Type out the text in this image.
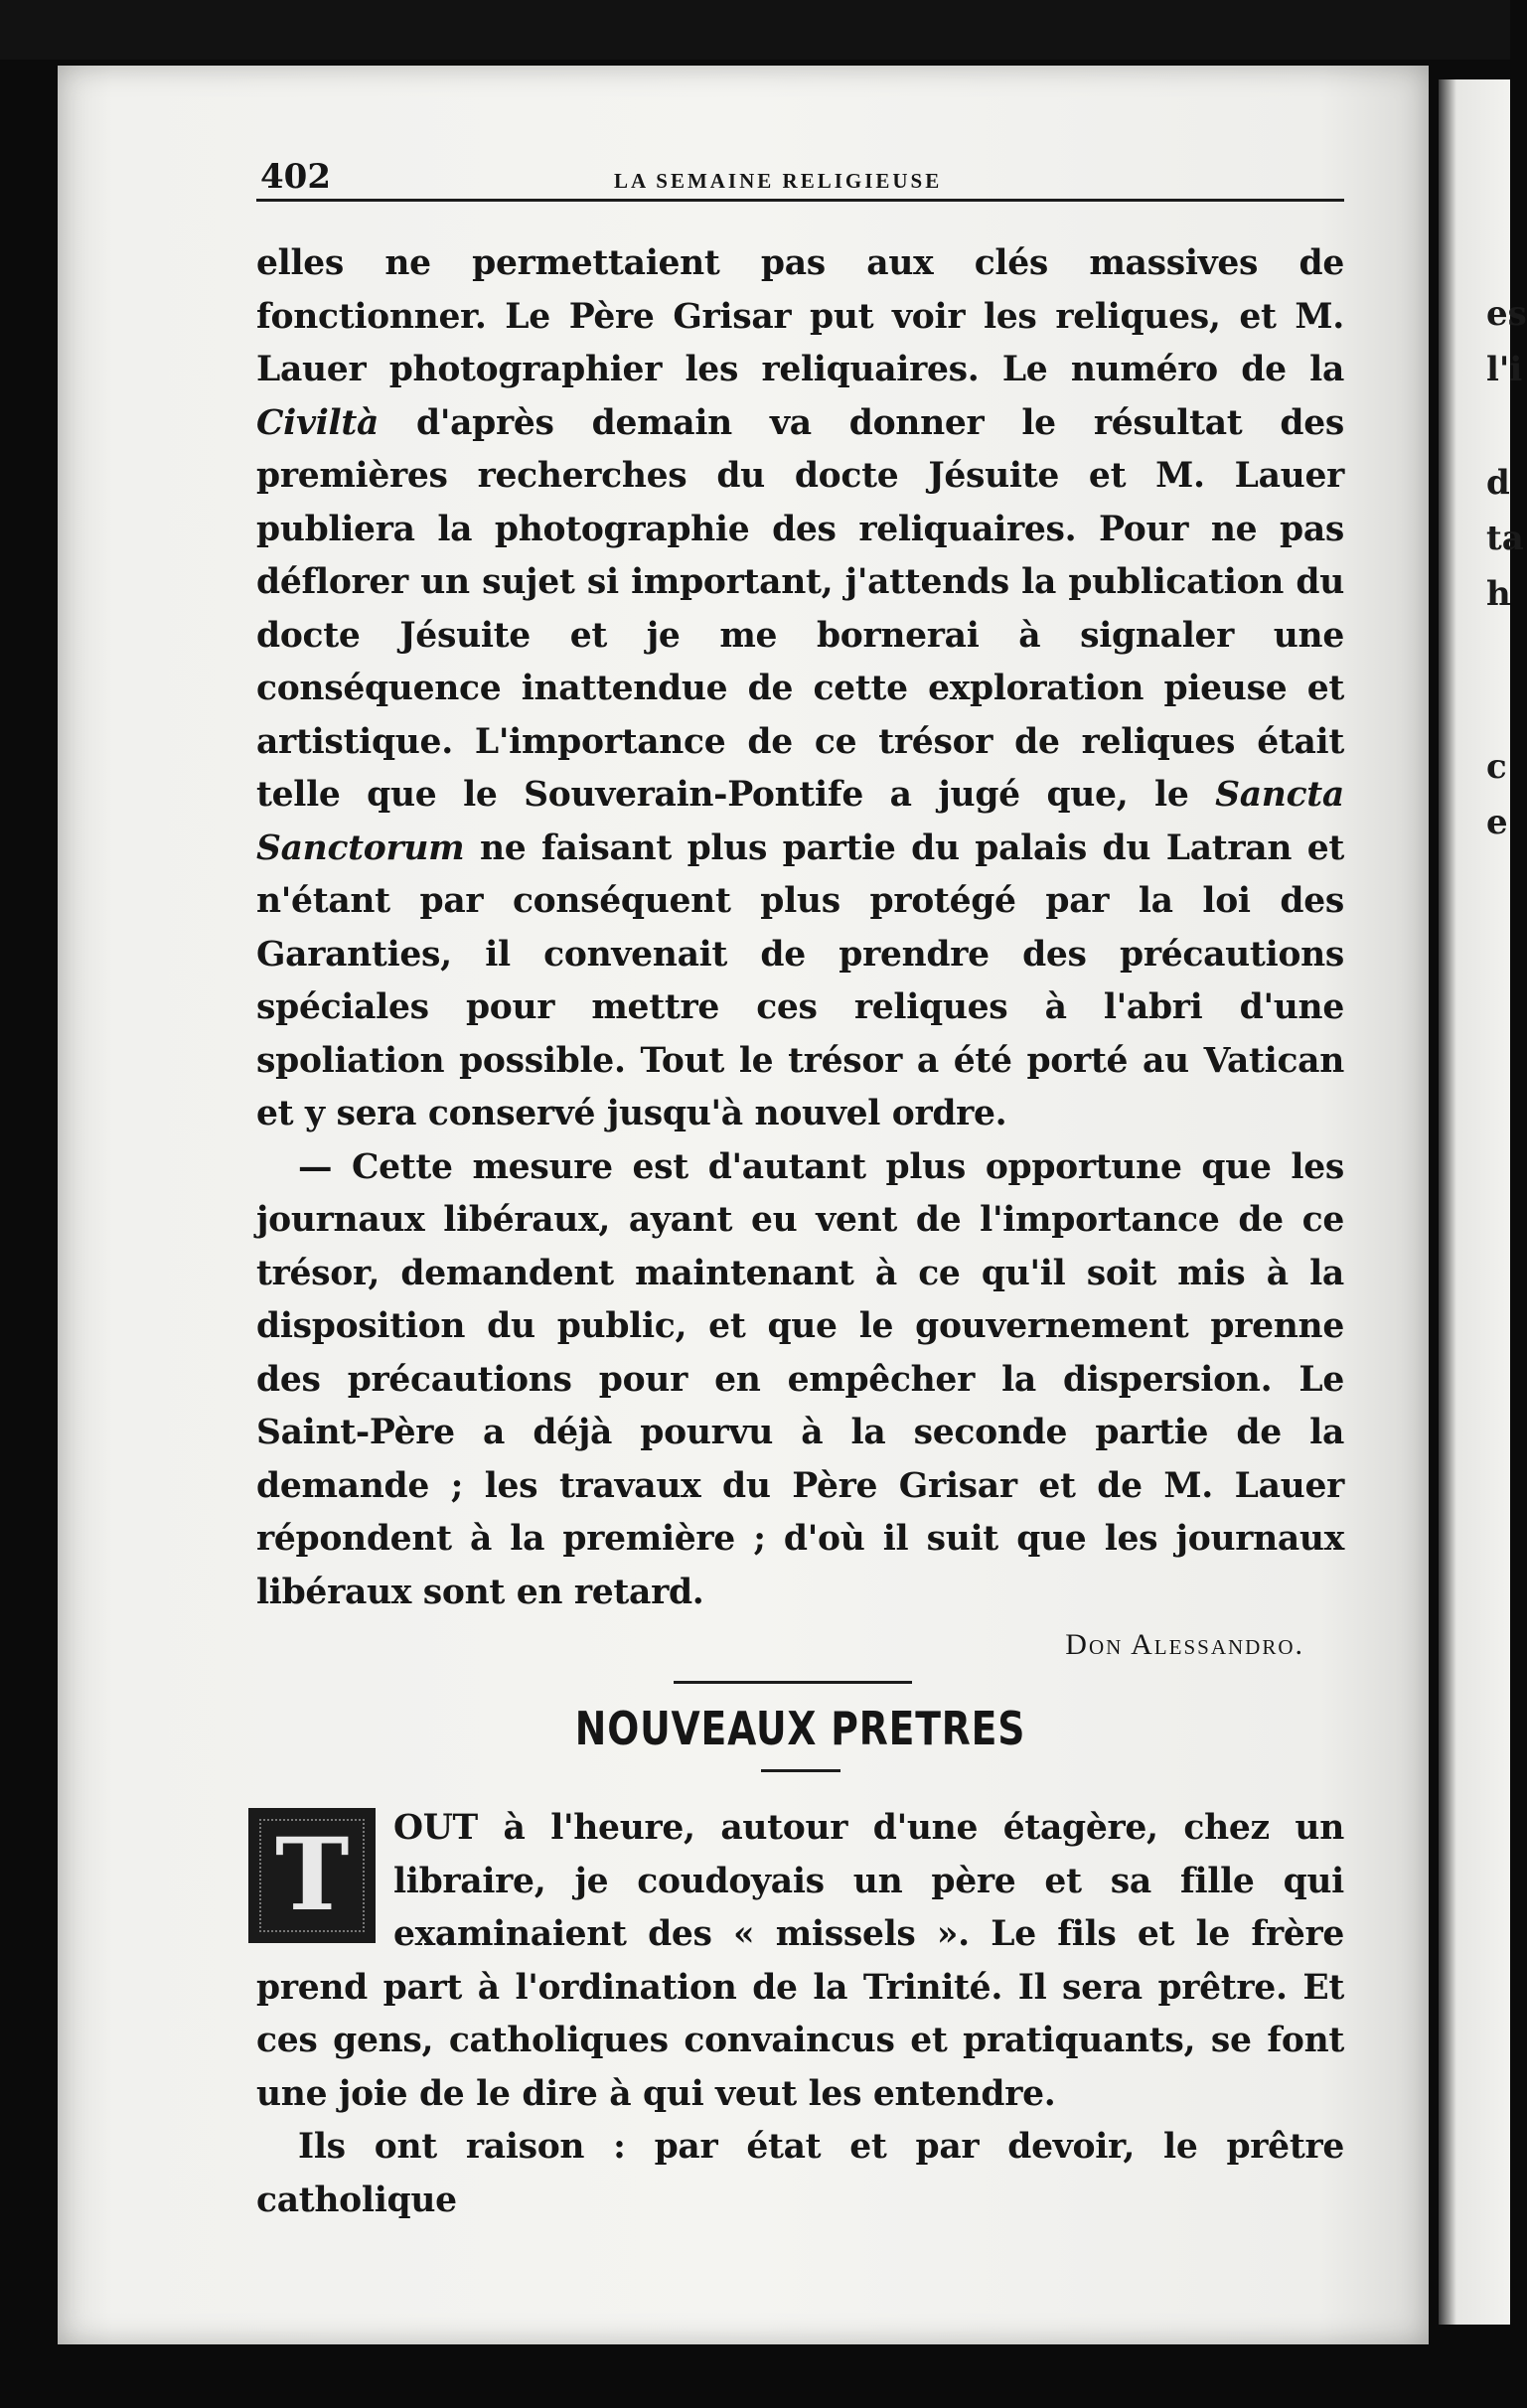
es
l'i
d
ta
h
c
e
402	LA SEMAINE RELIGIEUSE

elles ne permettaient pas aux clés massives de fonctionner. Le Père Grisar put voir les reliques, et M. Lauer photographier les reliquaires. Le numéro de la Civiltà d'après demain va donner le résultat des premières recherches du docte Jésuite et M. Lauer publiera la photographie des reliquaires. Pour ne pas déflorer un sujet si important, j'attends la publication du docte Jésuite et je me bornerai à signaler une conséquence inattendue de cette exploration pieuse et artistique. L'importance de ce trésor de reliques était telle que le Souverain-Pontife a jugé que, le Sancta Sanctorum ne faisant plus partie du palais du Latran et n'étant par conséquent plus protégé par la loi des Garanties, il convenait de prendre des précautions spéciales pour mettre ces reliques à l'abri d'une spoliation possible. Tout le trésor a été porté au Vatican et y sera conservé jusqu'à nouvel ordre.

— Cette mesure est d'autant plus opportune que les journaux libéraux, ayant eu vent de l'importance de ce trésor, demandent maintenant à ce qu'il soit mis à la disposition du public, et que le gouvernement prenne des précautions pour en empêcher la dispersion. Le Saint-Père a déjà pourvu à la seconde partie de la demande ; les travaux du Père Grisar et de M. Lauer répondent à la première ; d'où il suit que les journaux libéraux sont en retard.

Don Alessandro.
NOUVEAUX PRETRES
T	OUT à l'heure, autour d'une étagère, chez un libraire, je coudoyais un père et sa fille qui examinaient des « missels ». Le fils et le frère prend part à l'ordination de la Trinité. Il sera prêtre. Et ces gens, catholiques convaincus et pratiquants, se font une joie de le dire à qui veut les entendre.

Ils ont raison : par état et par devoir, le prêtre catholique
